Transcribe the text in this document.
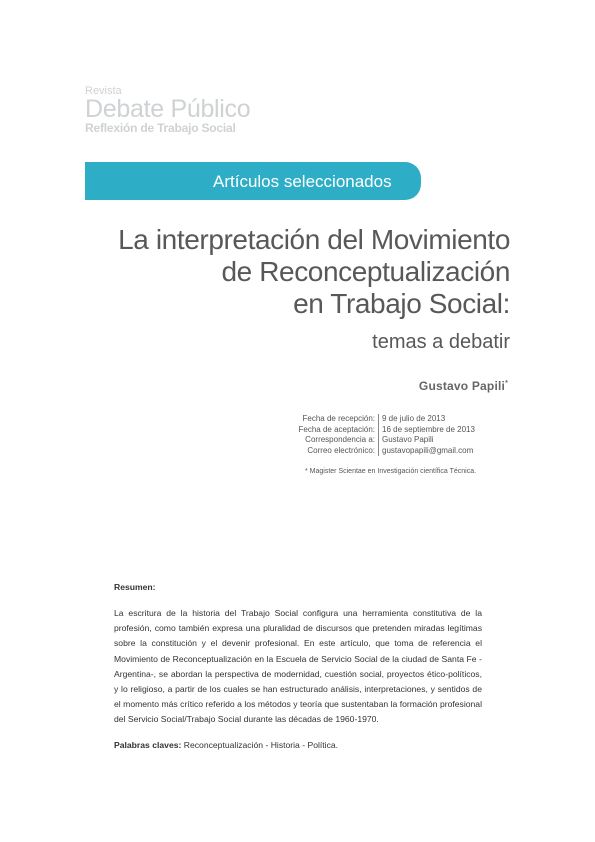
Revista
Debate Público
Reflexión de Trabajo Social
Artículos seleccionados
La interpretación del Movimiento
de Reconceptualización
en Trabajo Social:
temas a debatir
Gustavo Papili*
Fecha de recepción: 9 de julio de 2013
Fecha de aceptación: 16 de septiembre de 2013
Correspondencia a: Gustavo Papili
Correo electrónico: gustavopapili@gmail.com
* Magister Scientae en Investigación científica Técnica.

Resumen:

La escritura de la historia del Trabajo Social configura una herramienta constitutiva de la profesión, como también expresa una pluralidad de discursos que pretenden miradas legítimas sobre la constitución y el devenir profesional. En este artículo, que toma de referencia el Movimiento de Reconceptualización en la Escuela de Servicio Social de la ciudad de Santa Fe -Argentina-, se abordan la perspectiva de modernidad, cuestión social, proyectos ético-políticos, y lo religioso, a partir de los cuales se han estructurado análisis, interpretaciones, y sentidos de el momento más crítico referido a los métodos y teoría que sustentaban la formación profesional del Servicio Social/Trabajo Social durante las décadas de 1960-1970.

Palabras claves: Reconceptualización - Historia - Política.
